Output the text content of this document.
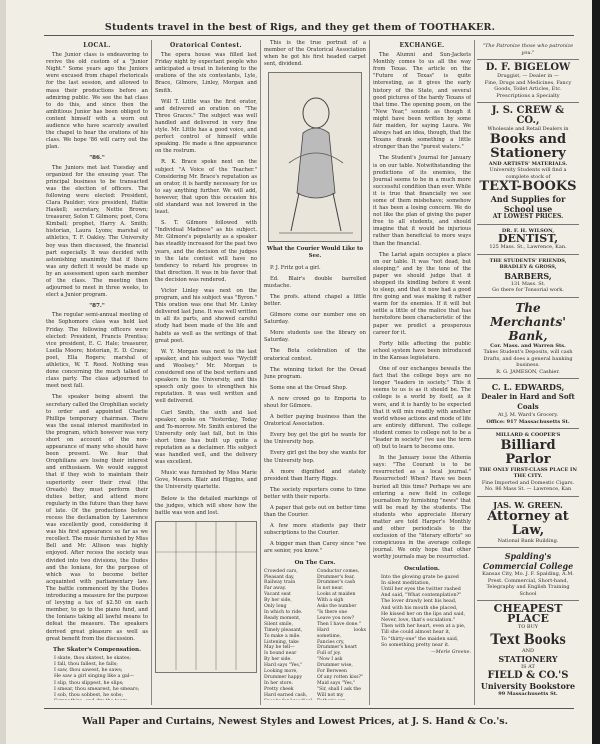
Students travel in the best of Rigs, and they get them of TOOTHAKER.
LOCAL.

The Junior class is endeavoring to revive the old custom of a "Junior Night." Some years ago the Juniors were excused from chapel rhetoricals for the last session, and allowed to mass their productions before an admiring public. We see the hat class to do this, and since then the ambitious Junior has been obliged to content himself with a worn out audience who have scarcely awaited the chapel to hear the orations of his class. We hope '86 will carry out the plan.

"86."

The Juniors met last Tuesday and organized for the ensuing year. The principal business to be transacted was the election of officers. The following were elected: President, Clara Paulder; vice president, Hattie Haskell; secretary, Nettie Brown; treasurer, Solon T. Gilmore; poet, Cora Kimball; prophet, Harry A. Smith; historian, Laura Lyons; marshal of athletics, T. F. Oakley. The University boy was then discussed, the financial part especially. It was decided with astonishing unanimity that if there was any deficit it would be made up by an assessment upon each member of the class. The meeting then adjourned to meet in three weeks, to elect a Junior program.

"87."

The regular semi-annual meeting of the Sophomore class was held last Friday. The following officers were elected: President, Francis Prentiss; vice president, E. C. Hale; treasurer, Luella Moore; historian, E. D. Crane; poet, Ella Rogers; marshal of athletics, W. T. Reed. Nothing was done concerning the much talked of class party. The class adjourned to meet next fall.

The speaker being absent the secretary called the Orophilian society to order and appointed Charlie Phillips temporary chairman. There was the usual interest manifested in the program, which however was very short on account of the non-appearance of many who should have been present. We fear that Orophilians are losing their interest and enthusiasm. We would suggest that if they wish to maintain their superiority over their rival (the Oreads) they must perform their duties better, and attend more regularly in the future than they have of late. Of the productions before recess the declamation by Lawrence was excellently good, considering it was his first appearance so far as we recollect. The music furnished by Miss Bell and Mr. Allison was highly enjoyed. After recess the society was divided into two divisions, the Dudes and the Ionians, for the purpose of which was to become better acquainted with parliamentary law. The battle commenced by the Dudes introducing a measure for the purpose of levying a tax of $2.50 on each member, to go to the piano fund, and the Ionians taking all lawful means to defeat the measure. The speakers derived great pleasure as well as great benefit from the discussion.

The Skater's Compensation.
I skate, thou skatest, he skates;
I fall, thou fallest, he falls;
I saw, thou sawest, he saws;
He saw a girl singing like a gal—
I slip, thou slippest, he slips;
I smear, thou smearest, he smears;
I sob, thou sobbest, he sobs;
Oratorical Contest.

The opera house was filled last Friday night by expectant people who anticipated a treat in listening to the orations of the six contestants, Lyle, Brace, Gilmore, Linley, Morgan and Smith.

Will T. Little was the first orator, and delivered an oration on "The Three Graces." The subject was well handled and delivered in very fine style. Mr. Little has a good voice, and perfect control of himself while speaking. He made a fine appearance on the rostrum.

R. K. Brace spoke next on the subject "A Voice of the Teacher." Considering Mr. Brace's reputation as an orator, it is hardly necessary for us to say anything further. We will add, however, that upon this occasion his old standard was not lowered in the least.

S. T. Gilmore followed with "Individual Madness" as his subject. Mr. Gilmore's popularity as a speaker has steadily increased for the past two years, and the decision of the judges in the late contest will have no tendency to retard his progress in that direction. It was in his favor that the decision was rendered.

Victor Linley was next on the program, and his subject was "Byron." This oration was one that Mr. Linley delivered last June. It was well written in all its parts, and showed careful study had been made of the life and habits as well as the writings of that great poet.

W. Y. Morgan was next to the last speaker, and his subject was "Wycliff and Woolsey." Mr. Morgan is considered one of the best writers and speakers in the University, and this speech only goes to strengthen his reputation. It was well written and well delivered.

Carl Smith, the sixth and last speaker, spoke on "Yesterday, Today and To-morrow. Mr. Smith entered the University only last fall, but in this short time has built up quite a reputation as a declaimer. His subject was handled well, and the delivery was excellent.

Music was furnished by Miss Marie Gove, Messrs. Blair and Higgins, and the University quartette.

Below is the detailed markings of the judges, which will show how the battle was won and lost.

This is the true portrait of a member of the Oratorical Association when he got his first headed carpet sent, dividend.

What the Courier Would Like to See.

P. J. Fritz got a girl.

Ed. Blair's double barrelled mustache.

The profs. attend chapel a little better.

Gilmore come our number one on Saturday.

More students use the library on Saturday.

The Beta celebration of the oratorical contest.

The winning ticket for the Oread June program.

Some one at the Oread Shop.

A new crowd go to Emporia to shout for Gilmore.

A better paying business than the Oratorical Association.

Every boy get the girl he wants for the University hop.

Every girl get the boy she wants for the University hop.

A more dignified and stately president than Harry Riggs.

The society reporters come to time better with their reports.

A paper that gets out on better time than the Courier.

A few more students pay their subscriptions to the Courier.

A bigger man than Carey since "we are senior, you know."

On The Cars.
Crowded cars,
Pleasant day,
Railway train
Far away.
Vacant seat
By her side,
Only long
In which to ride.
Ready moment,
Silent smile,
Timely pleasant,
To make a mile.
Listening, take
May be tell—
Is bound near
By her side.
Hard says "Yes,"
Looking more,
Drummer happy
In her store.
Pretty cheek
Hard earned cash,
Conductor comes,
Drummer's fear,
Drummer's cash
Is not near.
Looks at maiden
With a sigh
Asks the number
"Is there one
Leave you now?
Then I have done."
Hard looks sometime,
Fancies cry,
Drummer's heart
Full of joy.
"Now I ask
Drummer wise,
For Berween
Of any rotten kiss?"
Maid says "Yes,"
"Sir, shall I ask the
Will not my
EXCHANGE.

The Alumni and Sun-Jackets Monthly comes to us all the way from Texas. The article on the "Future of Texas" is quite interesting, as it gives the early history of the State, and several good pictures of the hardy Texans of that time. The opening poem, on the "New Year," sounds as though it might have been written by some fair maiden, for saying Laura. We always had an idea, though, that the Texans drank something a little stronger than the "purest waters."

The Student's Journal for January is on our table. Notwithstanding the predictions of its enemies, the Journal seems to be in a much more successful condition than ever. While it is true that financially we see some of them misbehave; somehow it has been a losing concern. We do not like the plan of giving the paper free to all students, and should imagine that it would be injurious rather than beneficial to more ways than the financial.

The Lariat again occupies a place on our table. It was "not dead, but sleeping;" and by the tone of the paper we should judge that it shopped its kindling before it went to sleep, and that it now had a good fire going and was making it rather warm for its enemies. If it will but settle a little of the malice that has heretofore been characteristic of the paper we predict a prosperous career for it.

Forty bills affecting the public school system have been introduced in the Kansas legislature.

One of our exchanges bewails the fact that the college boys are no longer "leaders in society." This it seems to us is as it should be. The college is a world by itself, as it were, and it is hardly to be expected that it will mix readily with another world whose actions and mode of life are entirely different. The college student comes to college not to be a "leader in society" (we use the term of) but to learn to become one.

In the January issue the Athenia says: "The Courant is to be resurrected as a local journal." Resurrected! When? Have we been buried all this time? Perhaps we are entering a new field in college journalism by furnishing "news" that will be read by the students. The students who appreciate literary matter are told Harper's Monthly and other periodicals to the exclusion of the "literary efforts" so conspicuous in the average college journal. We only hope that other worthy journals may be resurrected.

Osculation.
Into the glowing grate he gazed
In silent meditation,
Until her eyes the twitter rashed
And said, "What contemplation?"
The lover drawly lent his head,
And with his mouth she placed,
He kissed her on the lips and said,
Never, love, that's osculation."
Then with her heart, even at a pie,
Till she could almost hear it,
To "thirty-one" the maiden said,
So something pretty near it.
—Merle Greene.
"The Patronize those who patronize you."
D. F. BIGELOW
Druggist, — Dealer in —
Fine, Drugs and Medicines, Fancy Goods, Toilet Articles, Etc. Prescriptions a Specialty
J. S. CREW & CO.,
Wholesale and Retail Dealers in
Books and Stationery
AND ARTISTS' MATERIALS.
University Students will find a complete stock of
TEXT-BOOKS
And Supplies for School use
AT LOWEST PRICES.
DR. F. H. WILSON,
DENTIST,
125 Mass. St., Lawrence, Kan.
THE STUDENTS' FRIENDS,
BRADLEY & GROSS,
BARBERS,
131 Mass. St.
Go there for Tonsorial work.
The Merchants' Bank,
Cor. Mass. and Warren Sts.
Takes Student's Deposits, will cash Drafts, and does a general banking business.
R. G. JAMESON, Cashier.
C. L. EDWARDS,
Dealer in Hard and Soft Coals
At J. M. Ward's Grocery.
Office: 917 Massachusetts St.
MILLARD & COOPER'S
Billiard Parlor
THE ONLY FIRST-CLASS PLACE IN THE CITY.
Fine Imported and Domestic Cigars.
No. 86 Mass St. — Lawrence, Kan
JAS. W. GREEN.
Attorney at Law,
National Bank Building.
Spalding's Commercial College
Kansas City, Mo. J. F. Spalding, A.M. Prest. Commercial, Short-hand, Telegraphy and English Training School
CHEAPEST PLACE
TO BUY
Text Books
AND
STATIONERY
IS AT
FIELD & CO.'S
University Bookstore
99 Massachusetts St.
Wall Paper and Curtains, Newest Styles and Lowest Prices, at J. S. Hand & Co.'s.
